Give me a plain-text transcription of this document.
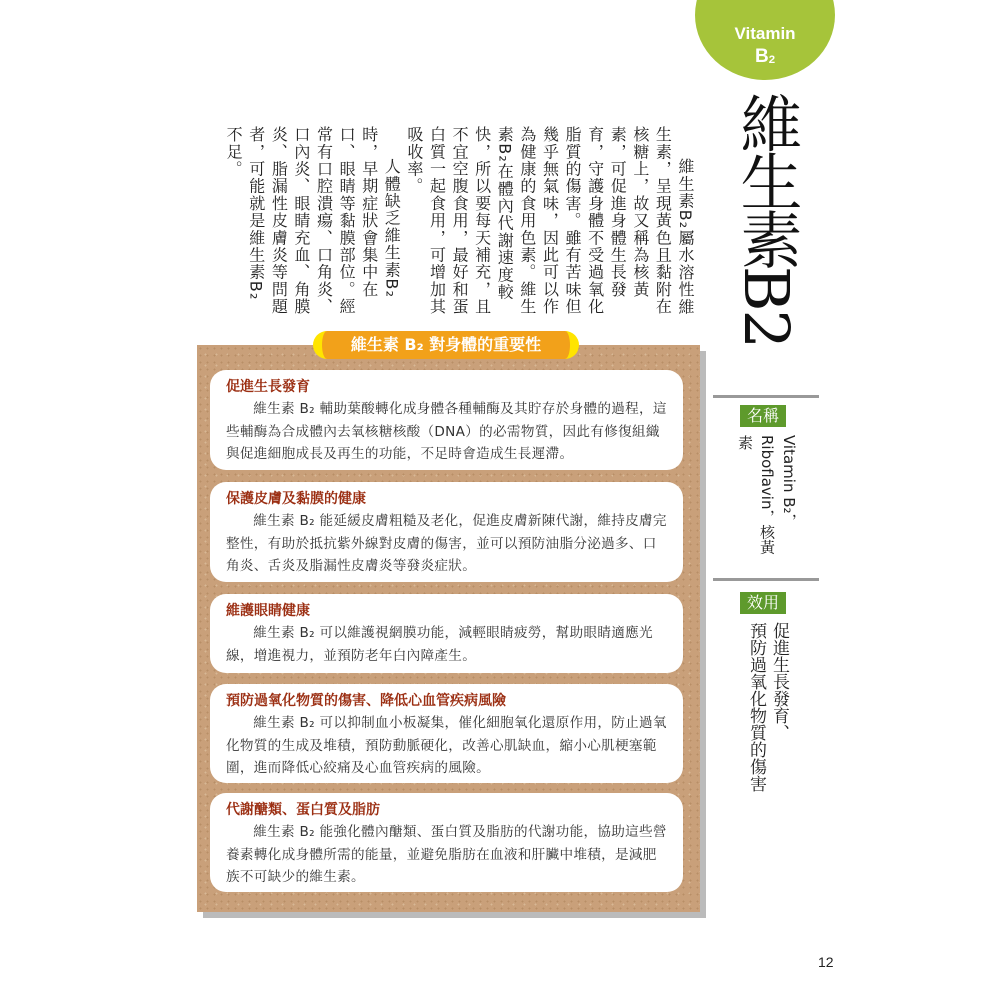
Vitamin
$B_2$
維生素B2

維生素B₂屬水溶性維生素，呈現黃色且黏附在核糖上，故又稱為核黃素，可促進身體生長發育，守護身體不受過氧化脂質的傷害。雖有苦味但幾乎無氣味，因此可以作為健康的食用色素。維生素B₂在體內代謝速度較快，所以要每天補充，且不宜空腹食用，最好和蛋白質一起食用，可增加其吸收率。

人體缺乏維生素B₂時，早期症狀會集中在口、眼睛等黏膜部位。經常有口腔潰瘍、口角炎、口內炎、眼睛充血、角膜炎、脂漏性皮膚炎等問題者，可能就是維生素B₂不足。

維生素 B₂ 對身體的重要性
促進生長發育

維生素 B₂ 輔助葉酸轉化成身體各種輔酶及其貯存於身體的過程，這些輔酶為合成體內去氧核糖核酸（DNA）的必需物質，因此有修復組織與促進細胞成長及再生的功能，不足時會造成生長遲滯。

保護皮膚及黏膜的健康

維生素 B₂ 能延緩皮膚粗糙及老化，促進皮膚新陳代謝，維持皮膚完整性，有助於抵抗紫外線對皮膚的傷害，並可以預防油脂分泌過多、口角炎、舌炎及脂漏性皮膚炎等發炎症狀。

維護眼睛健康

維生素 B₂ 可以維護視網膜功能，減輕眼睛疲勞，幫助眼睛適應光線，增進視力，並預防老年白內障產生。

預防過氧化物質的傷害、降低心血管疾病風險

維生素 B₂ 可以抑制血小板凝集，催化細胞氧化還原作用，防止過氧化物質的生成及堆積，預防動脈硬化，改善心肌缺血，縮小心肌梗塞範圍，進而降低心絞痛及心血管疾病的風險。

代謝醣類、蛋白質及脂肪

維生素 B₂ 能強化體內醣類、蛋白質及脂肪的代謝功能，協助這些營養素轉化成身體所需的能量，並避免脂肪在血液和肝臟中堆積，是減肥族不可缺少的維生素。

名稱
Vitamin B₂，
Riboflavin，核黃
素
效用
促進生長發育、
預防過氧化物質的傷害
12
